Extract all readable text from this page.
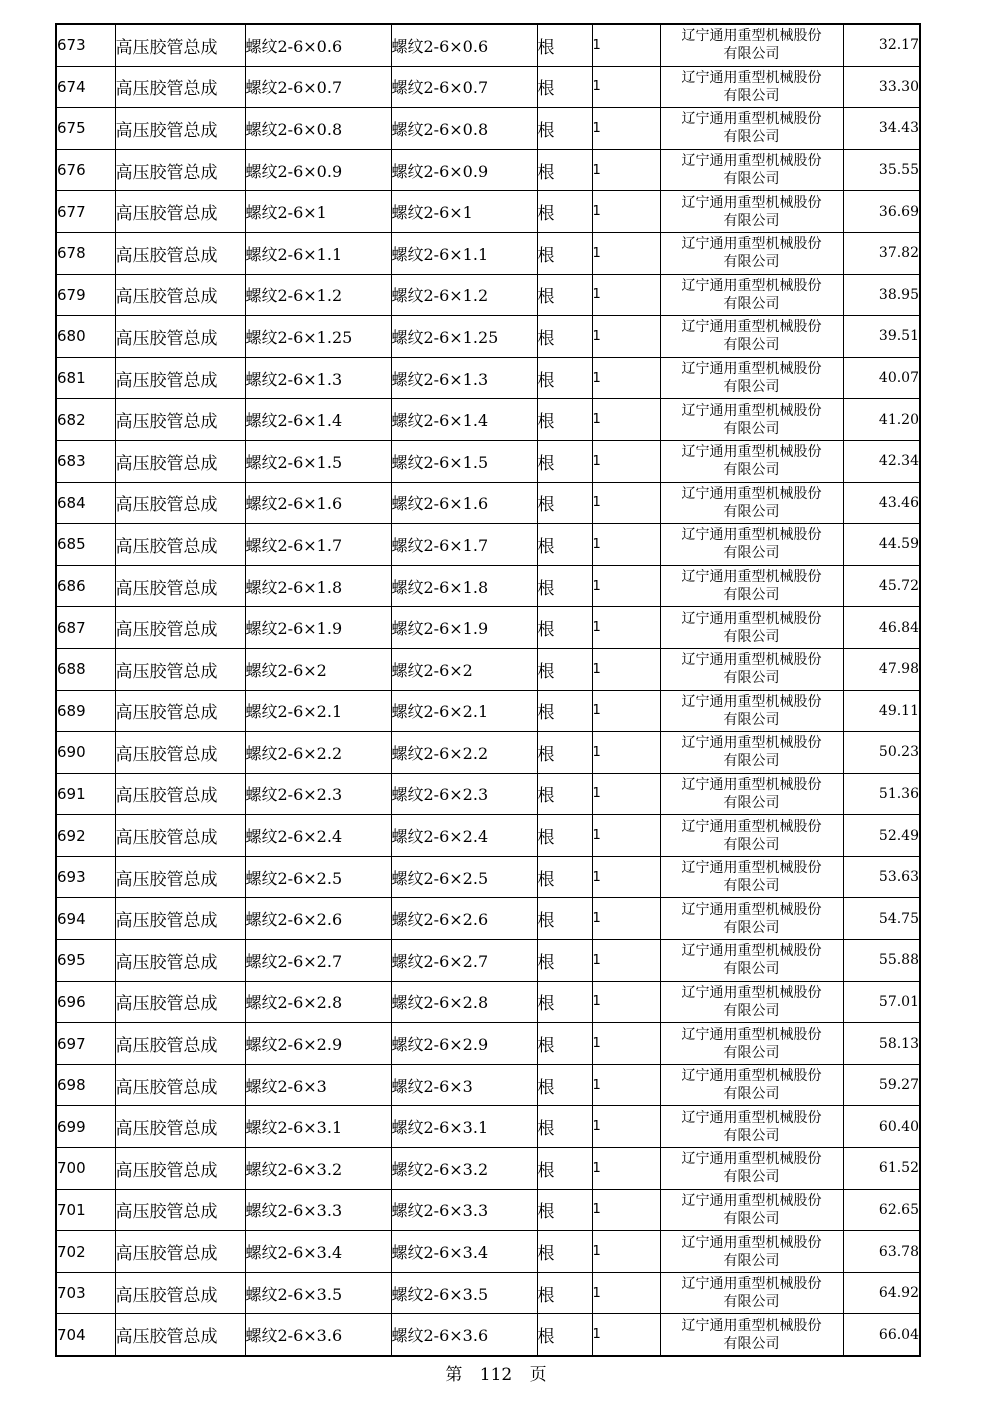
673	高压胶管总成	螺纹2-6×0.6	螺纹2-6×0.6	根	1	辽宁通用重型机械股份
有限公司	32.17
674	高压胶管总成	螺纹2-6×0.7	螺纹2-6×0.7	根	1	辽宁通用重型机械股份
有限公司	33.30
675	高压胶管总成	螺纹2-6×0.8	螺纹2-6×0.8	根	1	辽宁通用重型机械股份
有限公司	34.43
676	高压胶管总成	螺纹2-6×0.9	螺纹2-6×0.9	根	1	辽宁通用重型机械股份
有限公司	35.55
677	高压胶管总成	螺纹2-6×1	螺纹2-6×1	根	1	辽宁通用重型机械股份
有限公司	36.69
678	高压胶管总成	螺纹2-6×1.1	螺纹2-6×1.1	根	1	辽宁通用重型机械股份
有限公司	37.82
679	高压胶管总成	螺纹2-6×1.2	螺纹2-6×1.2	根	1	辽宁通用重型机械股份
有限公司	38.95
680	高压胶管总成	螺纹2-6×1.25	螺纹2-6×1.25	根	1	辽宁通用重型机械股份
有限公司	39.51
681	高压胶管总成	螺纹2-6×1.3	螺纹2-6×1.3	根	1	辽宁通用重型机械股份
有限公司	40.07
682	高压胶管总成	螺纹2-6×1.4	螺纹2-6×1.4	根	1	辽宁通用重型机械股份
有限公司	41.20
683	高压胶管总成	螺纹2-6×1.5	螺纹2-6×1.5	根	1	辽宁通用重型机械股份
有限公司	42.34
684	高压胶管总成	螺纹2-6×1.6	螺纹2-6×1.6	根	1	辽宁通用重型机械股份
有限公司	43.46
685	高压胶管总成	螺纹2-6×1.7	螺纹2-6×1.7	根	1	辽宁通用重型机械股份
有限公司	44.59
686	高压胶管总成	螺纹2-6×1.8	螺纹2-6×1.8	根	1	辽宁通用重型机械股份
有限公司	45.72
687	高压胶管总成	螺纹2-6×1.9	螺纹2-6×1.9	根	1	辽宁通用重型机械股份
有限公司	46.84
688	高压胶管总成	螺纹2-6×2	螺纹2-6×2	根	1	辽宁通用重型机械股份
有限公司	47.98
689	高压胶管总成	螺纹2-6×2.1	螺纹2-6×2.1	根	1	辽宁通用重型机械股份
有限公司	49.11
690	高压胶管总成	螺纹2-6×2.2	螺纹2-6×2.2	根	1	辽宁通用重型机械股份
有限公司	50.23
691	高压胶管总成	螺纹2-6×2.3	螺纹2-6×2.3	根	1	辽宁通用重型机械股份
有限公司	51.36
692	高压胶管总成	螺纹2-6×2.4	螺纹2-6×2.4	根	1	辽宁通用重型机械股份
有限公司	52.49
693	高压胶管总成	螺纹2-6×2.5	螺纹2-6×2.5	根	1	辽宁通用重型机械股份
有限公司	53.63
694	高压胶管总成	螺纹2-6×2.6	螺纹2-6×2.6	根	1	辽宁通用重型机械股份
有限公司	54.75
695	高压胶管总成	螺纹2-6×2.7	螺纹2-6×2.7	根	1	辽宁通用重型机械股份
有限公司	55.88
696	高压胶管总成	螺纹2-6×2.8	螺纹2-6×2.8	根	1	辽宁通用重型机械股份
有限公司	57.01
697	高压胶管总成	螺纹2-6×2.9	螺纹2-6×2.9	根	1	辽宁通用重型机械股份
有限公司	58.13
698	高压胶管总成	螺纹2-6×3	螺纹2-6×3	根	1	辽宁通用重型机械股份
有限公司	59.27
699	高压胶管总成	螺纹2-6×3.1	螺纹2-6×3.1	根	1	辽宁通用重型机械股份
有限公司	60.40
700	高压胶管总成	螺纹2-6×3.2	螺纹2-6×3.2	根	1	辽宁通用重型机械股份
有限公司	61.52
701	高压胶管总成	螺纹2-6×3.3	螺纹2-6×3.3	根	1	辽宁通用重型机械股份
有限公司	62.65
702	高压胶管总成	螺纹2-6×3.4	螺纹2-6×3.4	根	1	辽宁通用重型机械股份
有限公司	63.78
703	高压胶管总成	螺纹2-6×3.5	螺纹2-6×3.5	根	1	辽宁通用重型机械股份
有限公司	64.92
704	高压胶管总成	螺纹2-6×3.6	螺纹2-6×3.6	根	1	辽宁通用重型机械股份
有限公司	66.04
第 112 页
